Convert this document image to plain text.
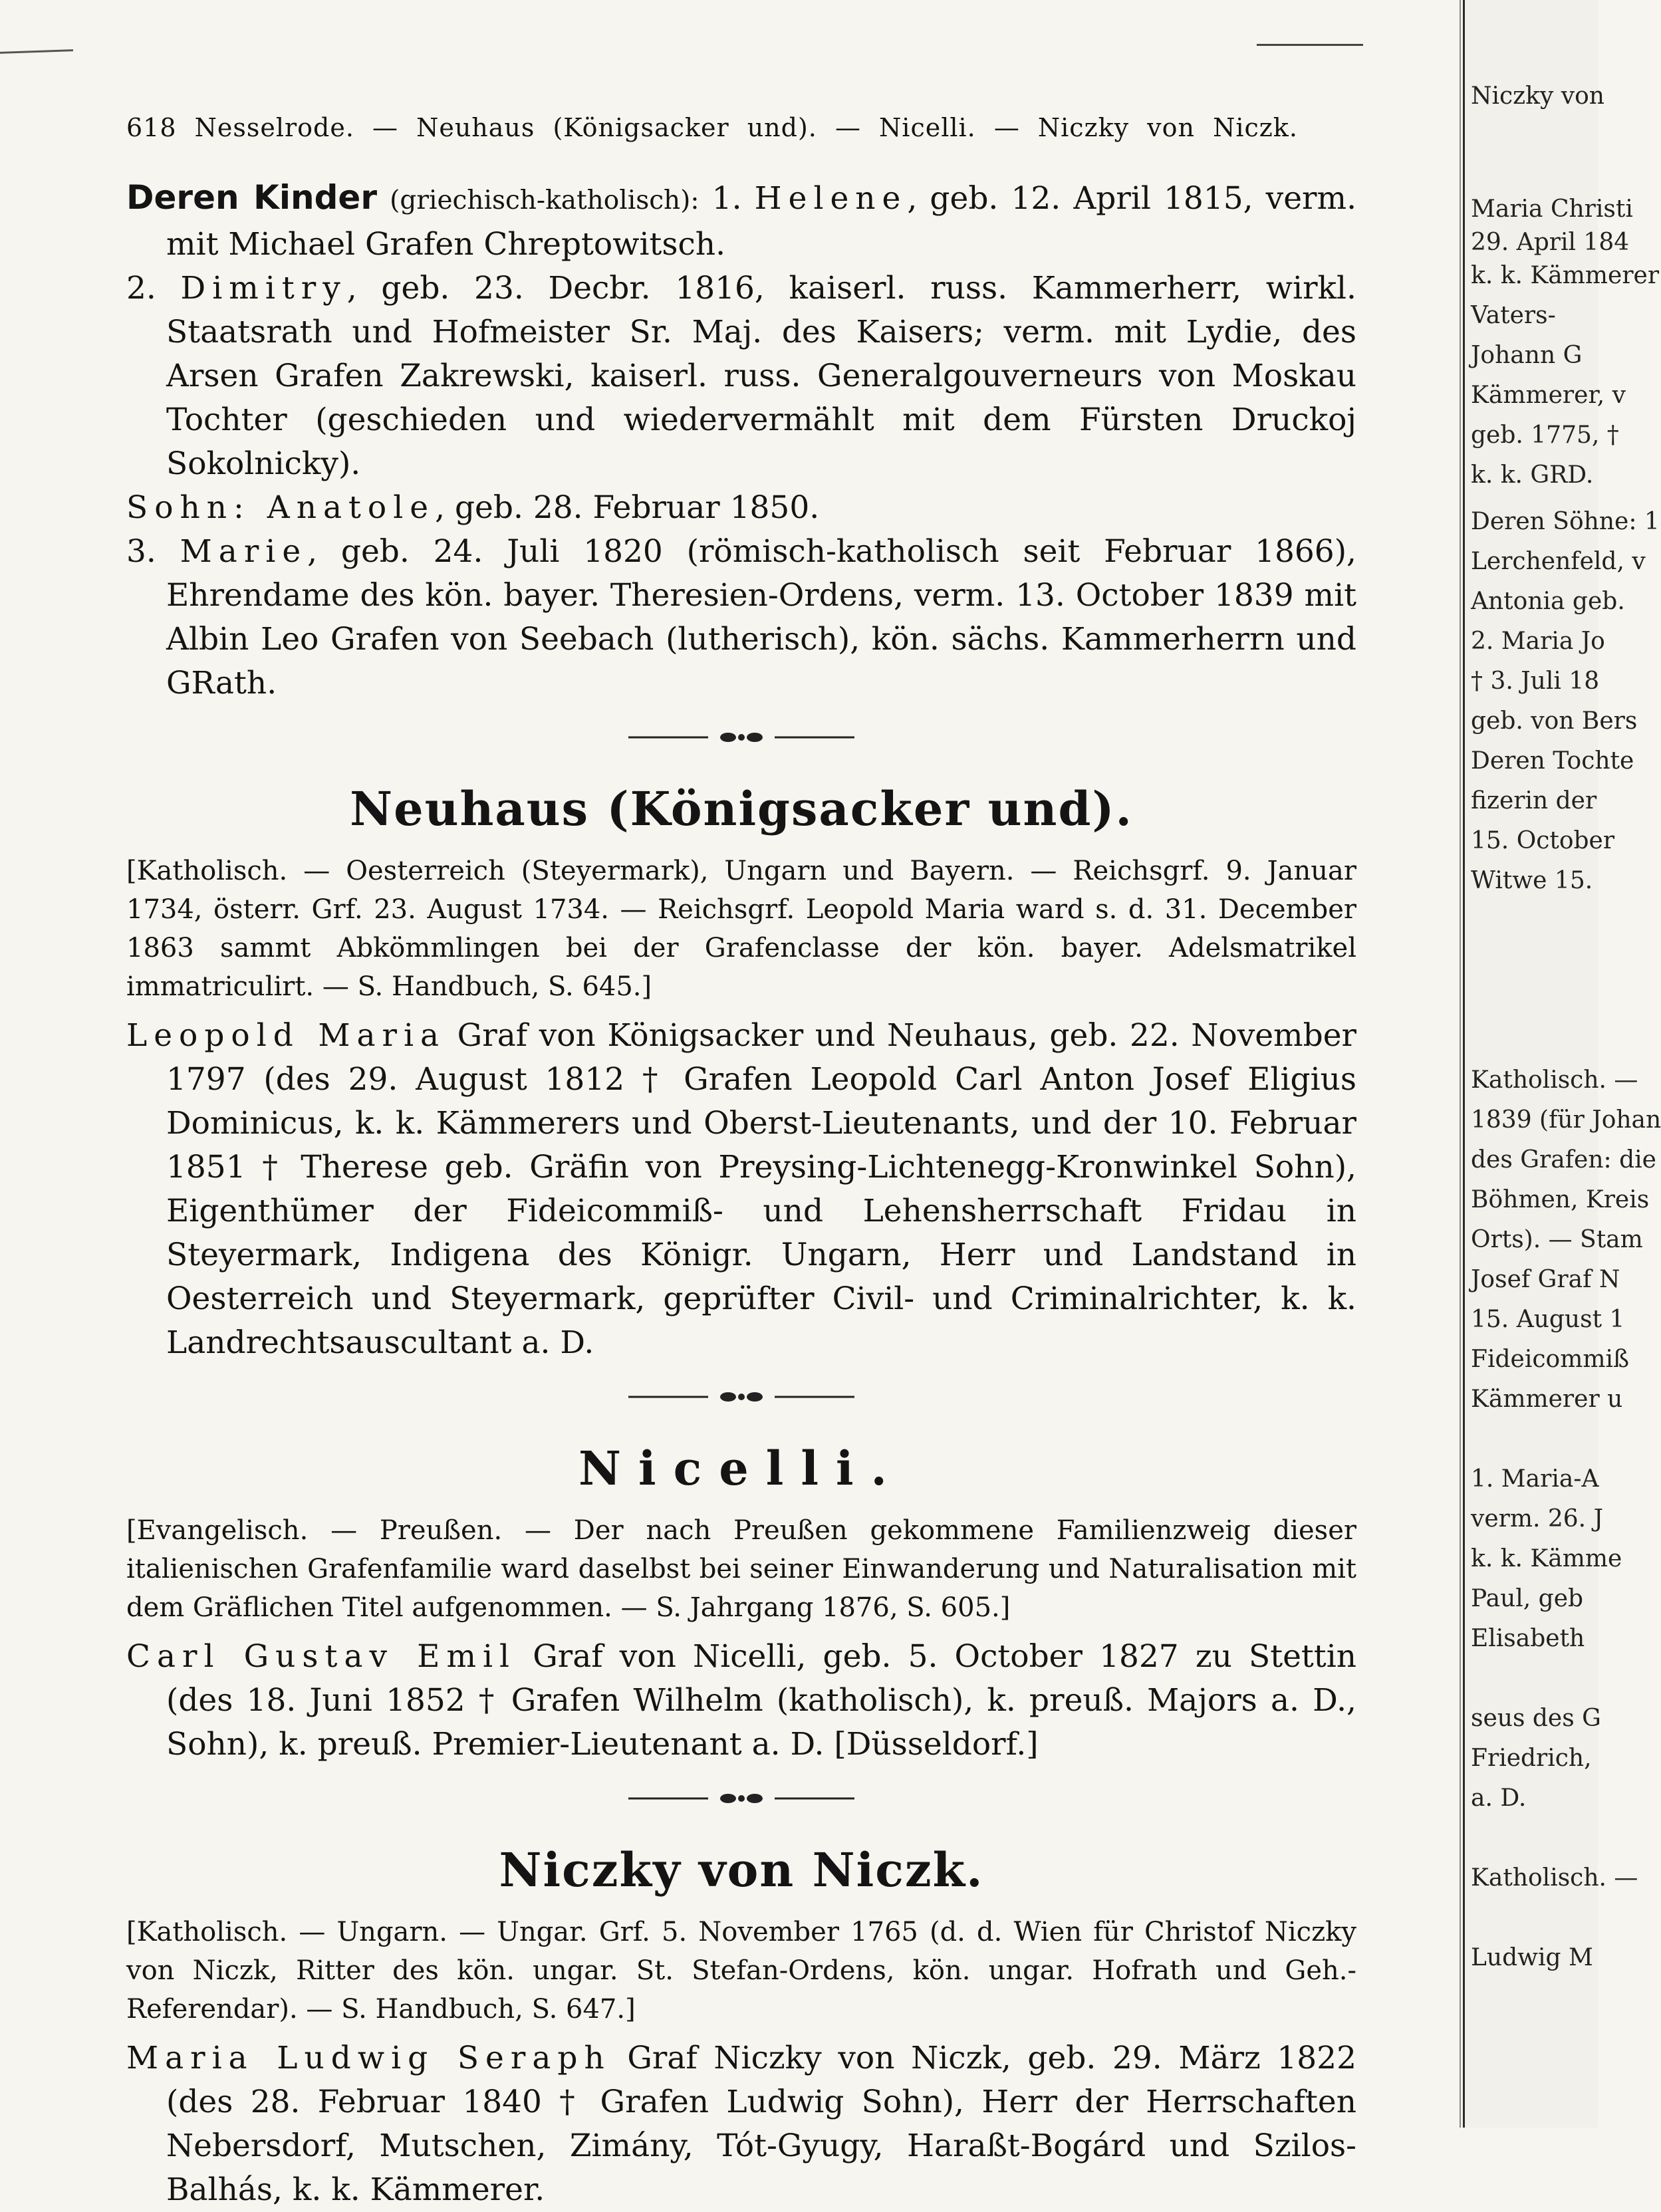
618 Nesselrode. — Neuhaus (Königsacker und). — Nicelli. — Niczky von Niczk.

Deren Kinder (griechisch-katholisch): 1. Helene, geb. 12. April 1815, verm. mit Michael Grafen Chreptowitsch.

2. Dimitry, geb. 23. Decbr. 1816, kaiserl. russ. Kammerherr, wirkl. Staatsrath und Hofmeister Sr. Maj. des Kaisers; verm. mit Lydie, des Arsen Grafen Zakrewski, kaiserl. russ. Generalgouverneurs von Moskau Tochter (geschieden und wiedervermählt mit dem Fürsten Druckoj Sokolnicky).

Sohn: Anatole, geb. 28. Februar 1850.

3. Marie, geb. 24. Juli 1820 (römisch-katholisch seit Februar 1866), Ehrendame des kön. bayer. Theresien-Ordens, verm. 13. October 1839 mit Albin Leo Grafen von Seebach (lutherisch), kön. sächs. Kammerherrn und GRath.

Neuhaus (Königsacker und).

[Katholisch. — Oesterreich (Steyermark), Ungarn und Bayern. — Reichsgrf. 9. Januar 1734, österr. Grf. 23. August 1734. — Reichsgrf. Leopold Maria ward s. d. 31. December 1863 sammt Abkömmlingen bei der Grafenclasse der kön. bayer. Adelsmatrikel immatriculirt. — S. Handbuch, S. 645.]

Leopold Maria Graf von Königsacker und Neuhaus, geb. 22. November 1797 (des 29. August 1812 † Grafen Leopold Carl Anton Josef Eligius Dominicus, k. k. Kämmerers und Oberst-Lieutenants, und der 10. Februar 1851 † Therese geb. Gräfin von Preysing-Lichtenegg-Kronwinkel Sohn), Eigenthümer der Fideicommiß- und Lehensherrschaft Fridau in Steyermark, Indigena des Königr. Ungarn, Herr und Landstand in Oesterreich und Steyermark, geprüfter Civil- und Criminalrichter, k. k. Landrechtsauscultant a. D.

Nicelli.

[Evangelisch. — Preußen. — Der nach Preußen gekommene Familienzweig dieser italienischen Grafenfamilie ward daselbst bei seiner Einwanderung und Naturalisation mit dem Gräflichen Titel aufgenommen. — S. Jahrgang 1876, S. 605.]

Carl Gustav Emil Graf von Nicelli, geb. 5. October 1827 zu Stettin (des 18. Juni 1852 † Grafen Wilhelm (katholisch), k. preuß. Majors a. D., Sohn), k. preuß. Premier-Lieutenant a. D. [Düsseldorf.]

Niczky von Niczk.

[Katholisch. — Ungarn. — Ungar. Grf. 5. November 1765 (d. d. Wien für Christof Niczky von Niczk, Ritter des kön. ungar. St. Stefan-Ordens, kön. ungar. Hofrath und Geh.-Referendar). — S. Handbuch, S. 647.]

Maria Ludwig Seraph Graf Niczky von Niczk, geb. 29. März 1822 (des 28. Februar 1840 † Grafen Ludwig Sohn), Herr der Herrschaften Nebersdorf, Mutschen, Zimány, Tót-Gyugy, Haraßt-Bogárd und Szilos-Balhás, k. k. Kämmerer.

Niczky von
Maria Christi
29. April 184
k. k. Kämmerer
Vaters-
Johann G
Kämmerer, v
geb. 1775, †
k. k. GRD.
Deren Söhne: 1
Lerchenfeld, v
Antonia geb.
2. Maria Jo
† 3. Juli 18
geb. von Bers
Deren Tochte
fizerin der
15. October
Witwe 15.
Katholisch. —
1839 (für Johan
des Grafen: die
Böhmen, Kreis
Orts). — Stam
Josef Graf N
15. August 1
Fideicommiß
Kämmerer u
1. Maria-A
verm. 26. J
k. k. Kämme
Paul, geb
Elisabeth
seus des G
Friedrich,
a. D.
Katholisch. —
Ludwig M
